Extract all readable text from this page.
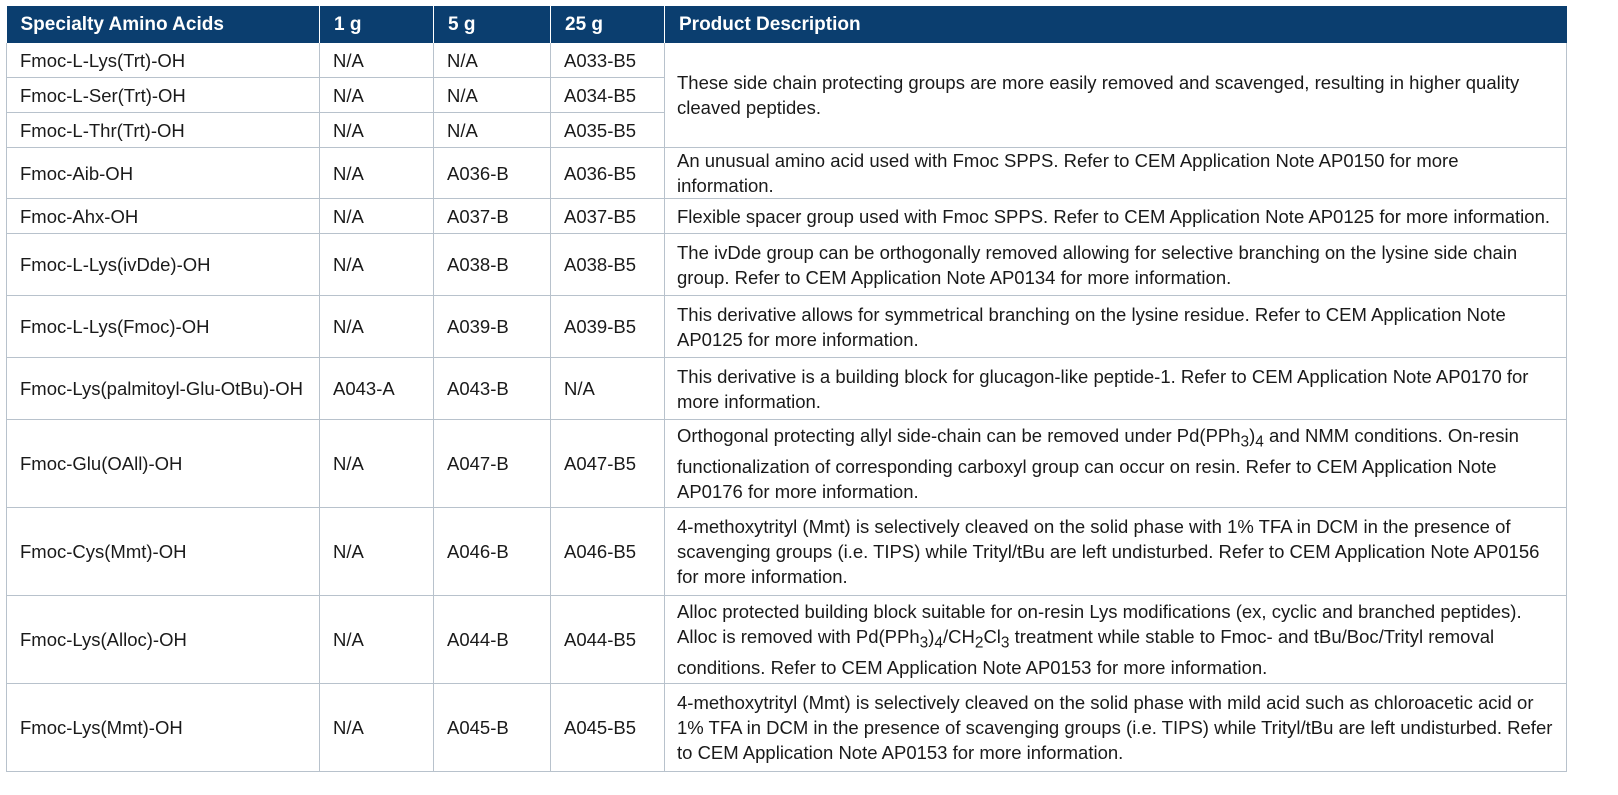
Specialty Amino Acids	1 g	5 g	25 g	Product Description
Fmoc-L-Lys(Trt)-OH	N/A	N/A	A033-B5	These side chain protecting groups are more easily removed and scavenged, resulting in higher quality cleaved peptides.
Fmoc-L-Ser(Trt)-OH	N/A	N/A	A034-B5	
Fmoc-L-Thr(Trt)-OH	N/A	N/A	A035-B5	
Fmoc-Aib-OH	N/A	A036-B	A036-B5	An unusual amino acid used with Fmoc SPPS. Refer to CEM Application Note AP0150 for more information.
Fmoc-Ahx-OH	N/A	A037-B	A037-B5	Flexible spacer group used with Fmoc SPPS. Refer to CEM Application Note AP0125 for more information.
Fmoc-L-Lys(ivDde)-OH	N/A	A038-B	A038-B5	The ivDde group can be orthogonally removed allowing for selective branching on the lysine side chain group. Refer to CEM Application Note AP0134 for more information.
Fmoc-L-Lys(Fmoc)-OH	N/A	A039-B	A039-B5	This derivative allows for symmetrical branching on the lysine residue. Refer to CEM Application Note AP0125 for more information.
Fmoc-Lys(palmitoyl-Glu-OtBu)-OH	A043-A	A043-B	N/A	This derivative is a building block for glucagon-like peptide-1. Refer to CEM Application Note AP0170 for more information.
Fmoc-Glu(OAll)-OH	N/A	A047-B	A047-B5	Orthogonal protecting allyl side-chain can be removed under $Pd(PPh_3)_4$ and NMM conditions. On-resin functionalization of corresponding carboxyl group can occur on resin. Refer to CEM Application Note AP0176 for more information.
Fmoc-Cys(Mmt)-OH	N/A	A046-B	A046-B5	4-methoxytrityl (Mmt) is selectively cleaved on the solid phase with 1% TFA in DCM in the presence of scavenging groups (i.e. TIPS) while Trityl/tBu are left undisturbed. Refer to CEM Application Note AP0156 for more information.
Fmoc-Lys(Alloc)-OH	N/A	A044-B	A044-B5	Alloc protected building block suitable for on-resin Lys modifications (ex, cyclic and branched peptides). Alloc is removed with $Pd(PPh_3)_4/CH_2Cl_3$ treatment while stable to Fmoc- and tBu/Boc/Trityl removal conditions. Refer to CEM Application Note AP0153 for more information.
Fmoc-Lys(Mmt)-OH	N/A	A045-B	A045-B5	4-methoxytrityl (Mmt) is selectively cleaved on the solid phase with mild acid such as chloroacetic acid or 1% TFA in DCM in the presence of scavenging groups (i.e. TIPS) while Trityl/tBu are left undisturbed. Refer to CEM Application Note AP0153 for more information.
